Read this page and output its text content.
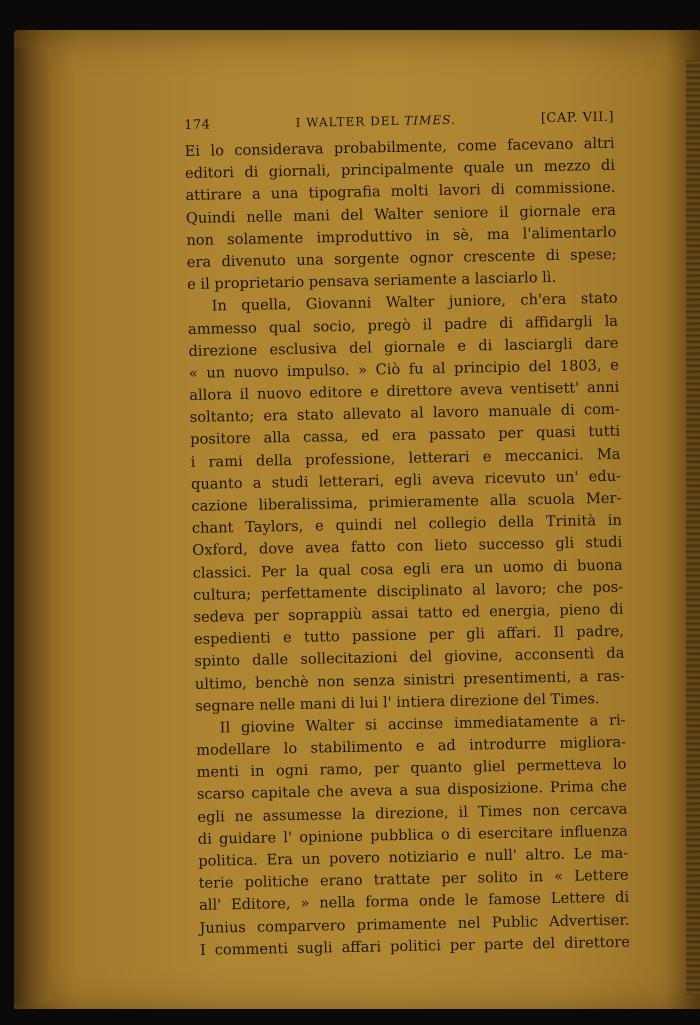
174	I WALTER DEL TIMES.	[CAP. VII.]
Ei lo considerava probabilmente, come facevano altri
editori di giornali, principalmente quale un mezzo di
attirare a una tipografia molti lavori di commissione.
Quindi nelle mani del Walter seniore il giornale era
non solamente improduttivo in sè, ma l'alimentarlo
era divenuto una sorgente ognor crescente di spese;
e il proprietario pensava seriamente a lasciarlo lì.
In quella, Giovanni Walter juniore, ch'era stato
ammesso qual socio, pregò il padre di affidargli la
direzione esclusiva del giornale e di lasciargli dare
« un nuovo impulso. » Ciò fu al principio del 1803, e
allora il nuovo editore e direttore aveva ventisett' anni
soltanto; era stato allevato al lavoro manuale di com-
positore alla cassa, ed era passato per quasi tutti
i rami della professione, letterari e meccanici. Ma
quanto a studi letterari, egli aveva ricevuto un' edu-
cazione liberalissima, primieramente alla scuola Mer-
chant Taylors, e quindi nel collegio della Trinità in
Oxford, dove avea fatto con lieto successo gli studi
classici. Per la qual cosa egli era un uomo di buona
cultura; perfettamente disciplinato al lavoro; che pos-
sedeva per soprappiù assai tatto ed energia, pieno di
espedienti e tutto passione per gli affari. Il padre,
spinto dalle sollecitazioni del giovine, acconsentì da
ultimo, benchè non senza sinistri presentimenti, a ras-
segnare nelle mani di lui l' intiera direzione del Times.
Il giovine Walter si accinse immediatamente a ri-
modellare lo stabilimento e ad introdurre migliora-
menti in ogni ramo, per quanto gliel permetteva lo
scarso capitale che aveva a sua disposizione. Prima che
egli ne assumesse la direzione, il Times non cercava
di guidare l' opinione pubblica o di esercitare influenza
politica. Era un povero notiziario e null' altro. Le ma-
terie politiche erano trattate per solito in « Lettere
all' Editore, » nella forma onde le famose Lettere di
Junius comparvero primamente nel Public Advertiser.
I commenti sugli affari politici per parte del direttore
